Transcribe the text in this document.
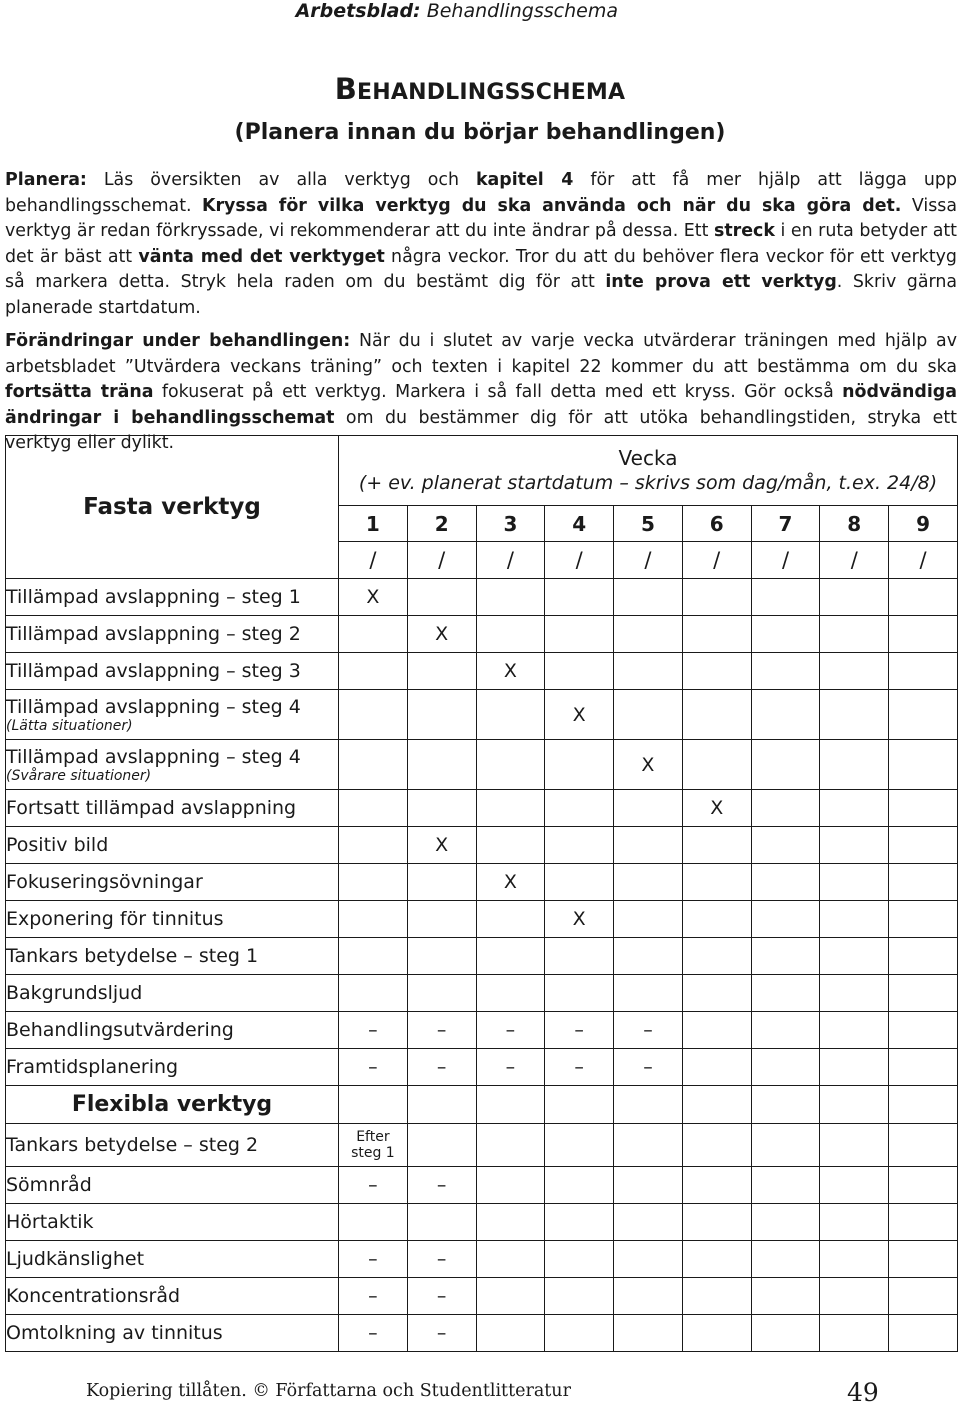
Arbetsblad: Behandlingsschema
BEHANDLINGSSCHEMA
(Planera innan du börjar behandlingen)

Planera: Läs översikten av alla verktyg och kapitel 4 för att få mer hjälp att lägga upp behandlingsschemat. Kryssa för vilka verktyg du ska använda och när du ska göra det. Vissa verktyg är redan förkryssade, vi rekommenderar att du inte ändrar på dessa. Ett streck i en ruta betyder att det är bäst att vänta med det verktyget några veckor. Tror du att du behöver flera veckor för ett verktyg så markera detta. Stryk hela raden om du bestämt dig för att inte prova ett verktyg. Skriv gärna planerade startdatum.

Förändringar under behandlingen: När du i slutet av varje vecka utvärderar träningen med hjälp av arbetsbladet ”Utvärdera veckans träning” och texten i kapitel 22 kommer du att bestämma om du ska fortsätta träna fokuserat på ett verktyg. Markera i så fall detta med ett kryss. Gör också nödvändiga ändringar i behandlingsschemat om du bestämmer dig för att utöka behandlingstiden, stryka ett verktyg eller dylikt.

Fasta verktyg	Vecka
(+ ev. planerat startdatum – skrivs som dag/mån, t.ex. 24/8)								

	1	2	3	4	5	6	7	8	9
	/	/	/	/	/	/	/	/	/

Tillämpad avslappning – steg 1	X								

Tillämpad avslappning – steg 2		X							

Tillämpad avslappning – steg 3			X						

Tillämpad avslappning – steg 4
(Lätta situationer)				X					

Tillämpad avslappning – steg 4
(Svårare situationer)					X				

Fortsatt tillämpad avslappning						X			

Positiv bild		X							

Fokuseringsövningar			X						

Exponering för tinnitus				X					

Tankars betydelse – steg 1									

Bakgrundsljud									

Behandlingsutvärdering	–	–	–	–	–				

Framtidsplanering	–	–	–	–	–				
Flexibla verktyg									

Tankars betydelse – steg 2	Efter
steg 1								

Sömnråd	–	–							

Hörtaktik									

Ljudkänslighet	–	–							

Koncentrationsråd	–	–							

Omtolkning av tinnitus	–	–							
Kopiering tillåten. © Författarna och Studentlitteratur	49
